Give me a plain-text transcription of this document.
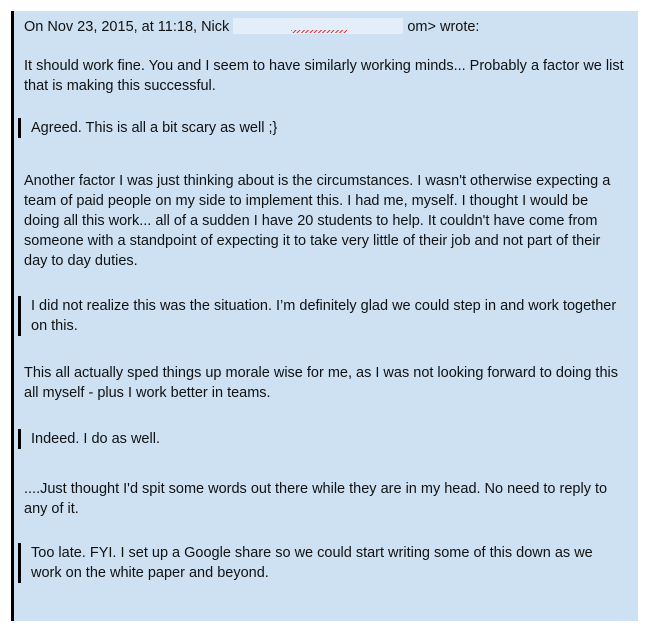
On Nov 23, 2015, at 11:18, Nick	om> wrote:
It should work fine. You and I seem to have similarly working minds... Probably a factor we list that is making this successful.
Agreed. This is all a bit scary as well ;}
Another factor I was just thinking about is the circumstances. I wasn't otherwise expecting a team of paid people on my side to implement this. I had me, myself. I thought I would be doing all this work... all of a sudden I have 20 students to help. It couldn't have come from someone with a standpoint of expecting it to take very little of their job and not part of their day to day duties.
I did not realize this was the situation. I’m definitely glad we could step in and work together on this.
This all actually sped things up morale wise for me, as I was not looking forward to doing this all myself - plus I work better in teams.
Indeed. I do as well.
....Just thought I'd spit some words out there while they are in my head. No need to reply to any of it.
Too late. FYI. I set up a Google share so we could start writing some of this down as we work on the white paper and beyond.
